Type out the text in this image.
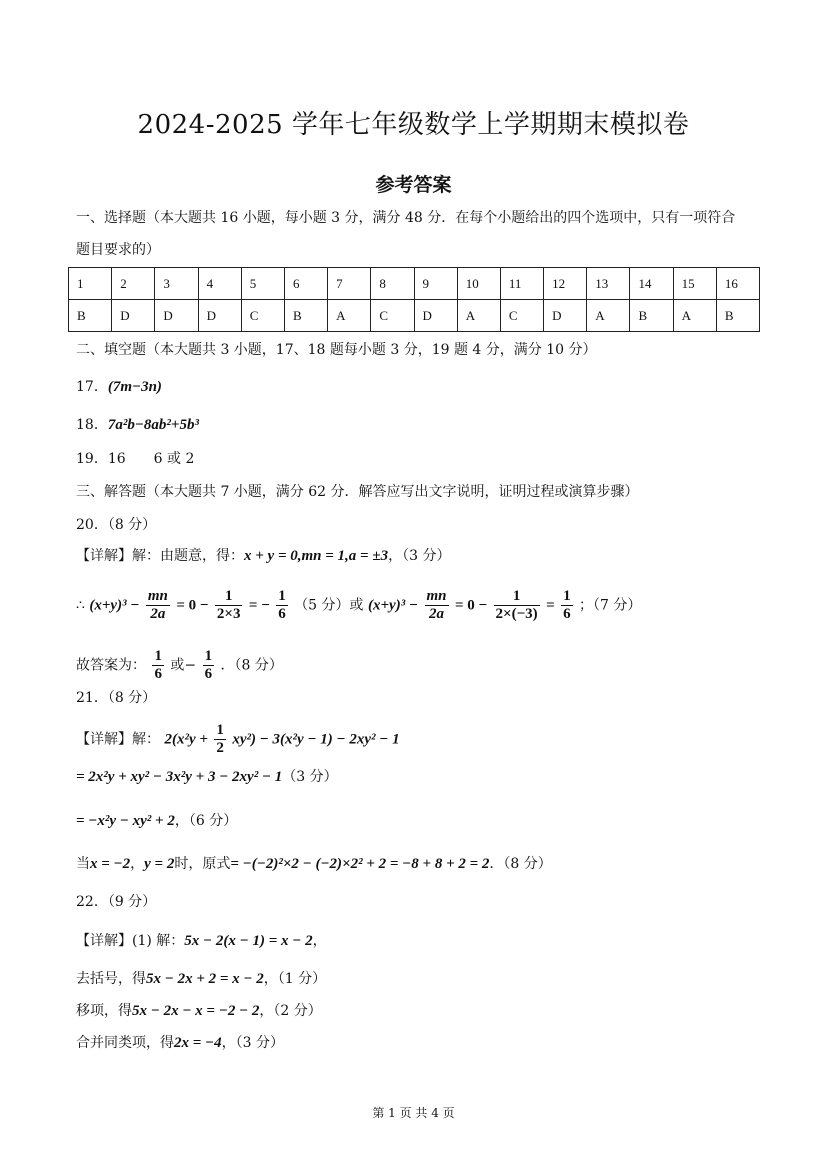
2024-2025 学年七年级数学上学期期末模拟卷
参考答案
一、选择题（本大题共 16 小题，每小题 3 分，满分 48 分．在每个小题给出的四个选项中，只有一项符合
题目要求的）
1	2	3	4	5	6	7	8	9	10	11	12	13	14	15	16
B	D	D	D	C	B	A	C	D	A	C	D	A	B	A	B
二、填空题（本大题共 3 小题，17、18 题每小题 3 分，19 题 4 分，满分 10 分）
17．(7m−3n)
18．7a²b−8ab²+5b³
19．16 6 或 2
三、解答题（本大题共 7 小题，满分 62 分．解答应写出文字说明，证明过程或演算步骤）
20．（8 分）
【详解】解：由题意，得：x + y = 0,mn = 1,a = ±3，（3 分）
∴ $(x+y)^3 - \frac{mn}{2a} = 0 - \frac{1}{2\times 3}$ = − $\frac{1}{6} (5$ 分）或 $(x+y)^3 - \frac{mn}{2a} = 0 - \frac{1}{2\times(-3)} = \frac{1}{6}$ ；（7 分）
故答案为： $\frac{1}{6}$ 或− $\frac{1}{6}$ ．（8 分）
21．（8 分）
【详解】解： $2(x^2y + \frac{1}{2} xy^2) - 3(x^2y - 1) - 2xy^2 - 1$
= 2x²y + xy² − 3x²y + 3 − 2xy² − 1（3 分）
= −x²y − xy² + 2，（6 分）
当x = −2，y = 2时，原式= −(−2)²×2 − (−2)×2² + 2 = −8 + 8 + 2 = 2．（8 分）
22．（9 分）
【详解】(1) 解：5x − 2(x − 1) = x − 2，
去括号，得5x − 2x + 2 = x − 2，（1 分）
移项，得5x − 2x − x = −2 − 2，（2 分）
合并同类项，得2x = −4，（3 分）
第 1 页 共 4 页
